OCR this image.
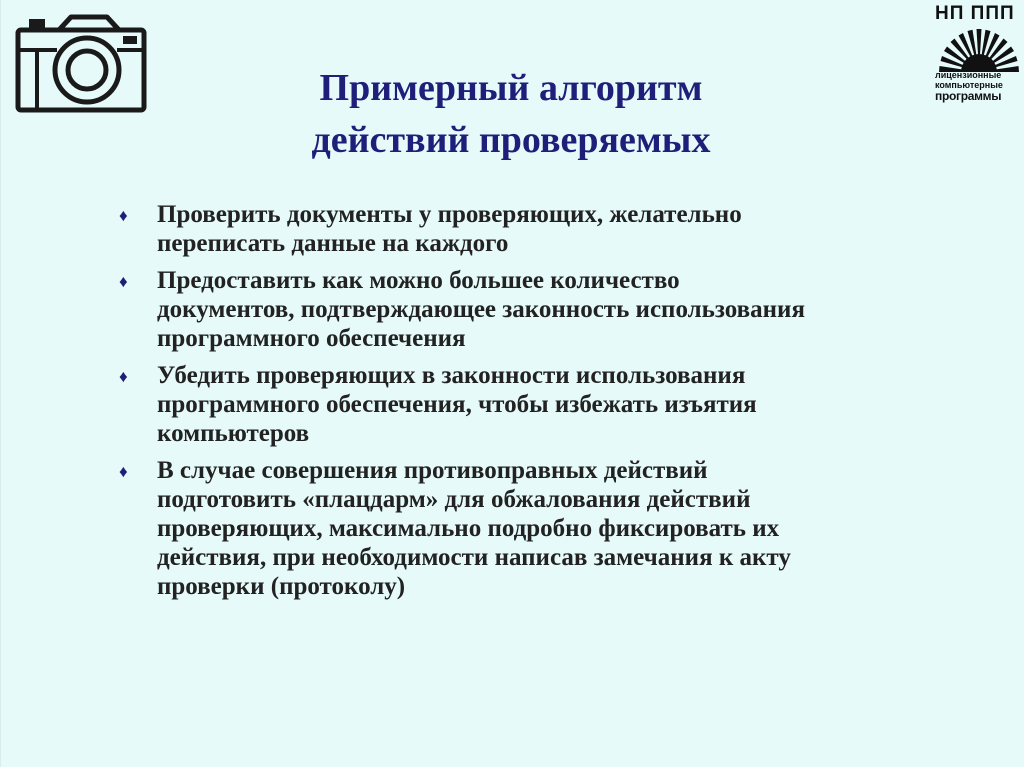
НП ППП
лицензионные
компьютерные
программы
Примерный алгоритм
действий проверяемых
♦ Проверить документы у проверяющих, желательно
переписать данные на каждого
♦ Предоставить как можно большее количество
документов, подтверждающее законность использования
программного обеспечения
♦ Убедить проверяющих в законности использования
программного обеспечения, чтобы избежать изъятия
компьютеров
♦ В случае совершения противоправных действий
подготовить «плацдарм» для обжалования действий
проверяющих, максимально подробно фиксировать их
действия, при необходимости написав замечания к акту
проверки (протоколу)
